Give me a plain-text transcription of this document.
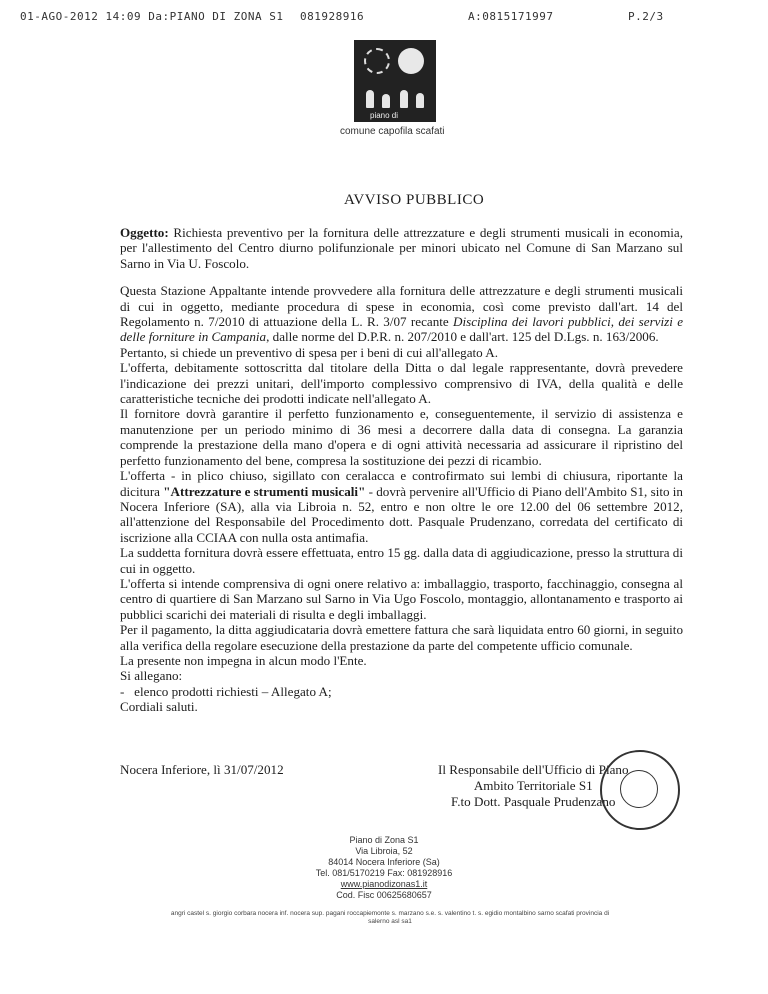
01-AGO-2012 14:09 Da:PIANO DI ZONA S1 081928916	A:0815171997	P.2/3
piano di
comune capofila scafati
AVVISO PUBBLICO

Oggetto: Richiesta preventivo per la fornitura delle attrezzature e degli strumenti musicali in economia, per l'allestimento del Centro diurno polifunzionale per minori ubicato nel Comune di San Marzano sul Sarno in Via U. Foscolo.

Questa Stazione Appaltante intende provvedere alla fornitura delle attrezzature e degli strumenti musicali di cui in oggetto, mediante procedura di spese in economia, così come previsto dall'art. 14 del Regolamento n. 7/2010 di attuazione della L. R. 3/07 recante Disciplina dei lavori pubblici, dei servizi e delle forniture in Campania, dalle norme del D.P.R. n. 207/2010 e dall'art. 125 del D.Lgs. n. 163/2006.

Pertanto, si chiede un preventivo di spesa per i beni di cui all'allegato A.

L'offerta, debitamente sottoscritta dal titolare della Ditta o dal legale rappresentante, dovrà prevedere l'indicazione dei prezzi unitari, dell'importo complessivo comprensivo di IVA, della qualità e delle caratteristiche tecniche dei prodotti indicate nell'allegato A.

Il fornitore dovrà garantire il perfetto funzionamento e, conseguentemente, il servizio di assistenza e manutenzione per un periodo minimo di 36 mesi a decorrere dalla data di consegna. La garanzia comprende la prestazione della mano d'opera e di ogni attività necessaria ad assicurare il ripristino del perfetto funzionamento del bene, compresa la sostituzione dei pezzi di ricambio.

L'offerta - in plico chiuso, sigillato con ceralacca e controfirmato sui lembi di chiusura, riportante la dicitura "Attrezzature e strumenti musicali" - dovrà pervenire all'Ufficio di Piano dell'Ambito S1, sito in Nocera Inferiore (SA), alla via Libroia n. 52, entro e non oltre le ore 12.00 del 06 settembre 2012, all'attenzione del Responsabile del Procedimento dott. Pasquale Prudenzano, corredata del certificato di iscrizione alla CCIAA con nulla osta antimafia.

La suddetta fornitura dovrà essere effettuata, entro 15 gg. dalla data di aggiudicazione, presso la struttura di cui in oggetto.

L'offerta si intende comprensiva di ogni onere relativo a: imballaggio, trasporto, facchinaggio, consegna al centro di quartiere di San Marzano sul Sarno in Via Ugo Foscolo, montaggio, allontanamento e trasporto ai pubblici scarichi dei materiali di risulta e degli imballaggi.

Per il pagamento, la ditta aggiudicataria dovrà emettere fattura che sarà liquidata entro 60 giorni, in seguito alla verifica della regolare esecuzione della prestazione da parte del competente ufficio comunale.

La presente non impegna in alcun modo l'Ente.

Si allegano:

-   elenco prodotti richiesti – Allegato A;

Cordiali saluti.

Nocera Inferiore, lì 31/07/2012	Il Responsabile dell'Ufficio di Piano
Ambito Territoriale S1
F.to Dott. Pasquale Prudenzano
Piano di Zona S1
Via Libroia, 52
84014 Nocera Inferiore (Sa)
Tel. 081/5170219 Fax: 081928916
www.pianodizonas1.it
Cod. Fisc 00625680657
angri castel s. giorgio corbara nocera inf. nocera sup. pagani roccapiemonte s. marzano s.e. s. valentino t. s. egidio montalbino sarno scafati provincia di
salerno asl sa1
